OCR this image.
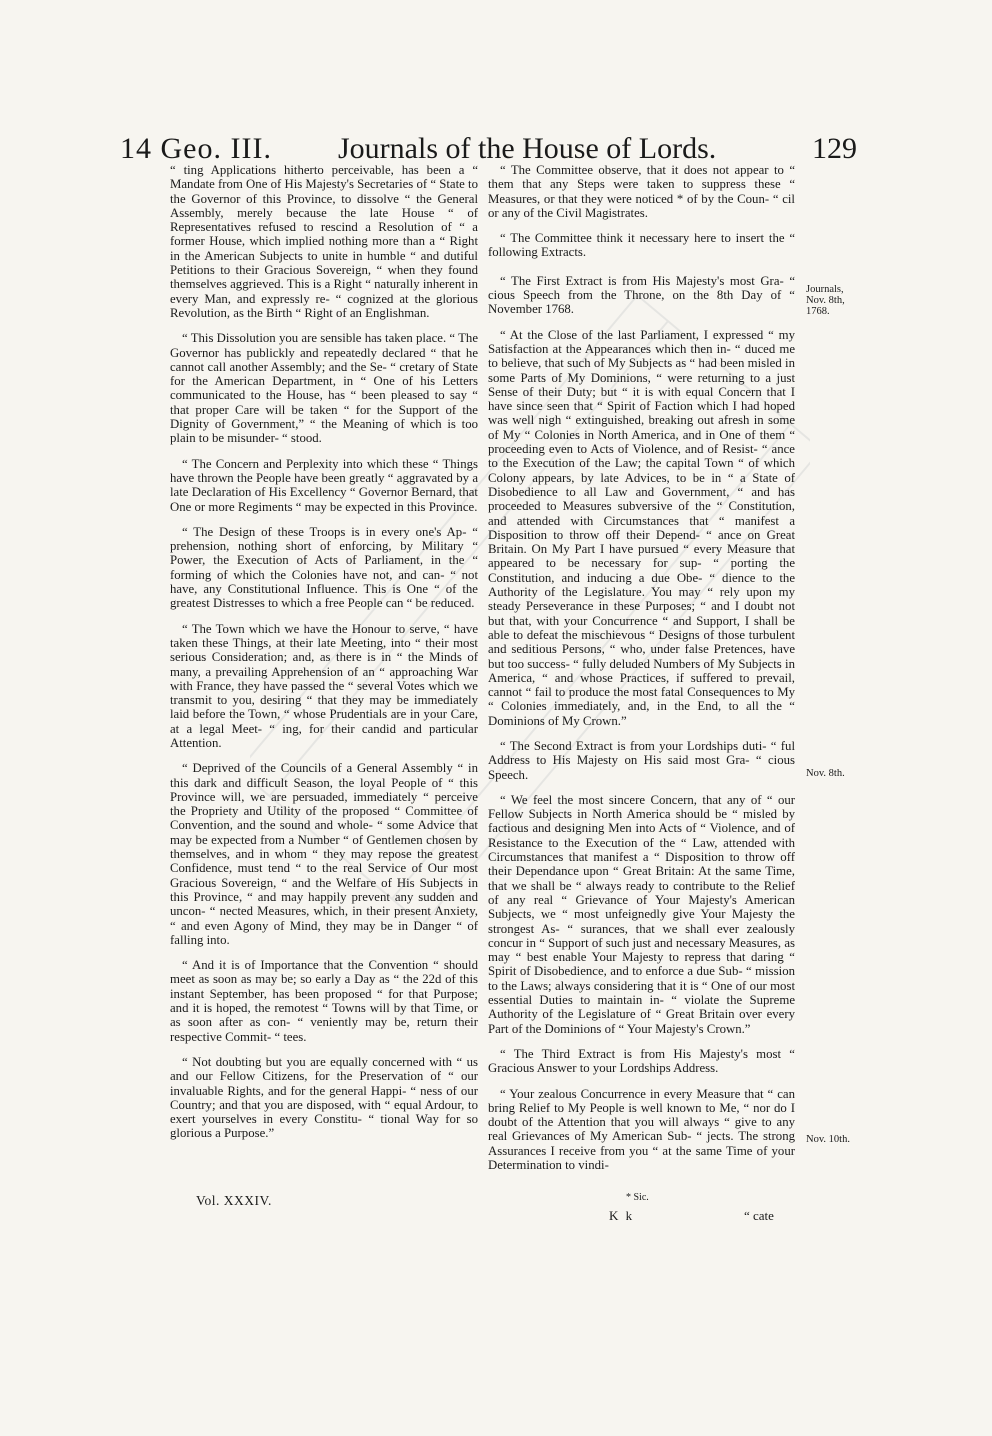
14 Geo. III. Journals of the House of Lords.	129

“ ting Applications hitherto perceivable, has been a “ Mandate from One of His Majesty's Secretaries of “ State to the Governor of this Province, to dissolve “ the General Assembly, merely because the late House “ of Representatives refused to rescind a Resolution of “ a former House, which implied nothing more than a “ Right in the American Subjects to unite in humble “ and dutiful Petitions to their Gracious Sovereign, “ when they found themselves aggrieved. This is a Right “ naturally inherent in every Man, and expressly re- “ cognized at the glorious Revolution, as the Birth “ Right of an Englishman.

“ This Dissolution you are sensible has taken place. “ The Governor has publickly and repeatedly declared “ that he cannot call another Assembly; and the Se- “ cretary of State for the American Department, in “ One of his Letters communicated to the House, has “ been pleased to say “ that proper Care will be taken “ for the Support of the Dignity of Government,” “ the Meaning of which is too plain to be misunder- “ stood.

“ The Concern and Perplexity into which these “ Things have thrown the People have been greatly “ aggravated by a late Declaration of His Excellency “ Governor Bernard, that One or more Regiments “ may be expected in this Province.

“ The Design of these Troops is in every one's Ap- “ prehension, nothing short of enforcing, by Military “ Power, the Execution of Acts of Parliament, in the “ forming of which the Colonies have not, and can- “ not have, any Constitutional Influence. This is One “ of the greatest Distresses to which a free People can “ be reduced.

“ The Town which we have the Honour to serve, “ have taken these Things, at their late Meeting, into “ their most serious Consideration; and, as there is in “ the Minds of many, a prevailing Apprehension of an “ approaching War with France, they have passed the “ several Votes which we transmit to you, desiring “ that they may be immediately laid before the Town, “ whose Prudentials are in your Care, at a legal Meet- “ ing, for their candid and particular Attention.

“ Deprived of the Councils of a General Assembly “ in this dark and difficult Season, the loyal People of “ this Province will, we are persuaded, immediately “ perceive the Propriety and Utility of the proposed “ Committee of Convention, and the sound and whole- “ some Advice that may be expected from a Number “ of Gentlemen chosen by themselves, and in whom “ they may repose the greatest Confidence, must tend “ to the real Service of Our most Gracious Sovereign, “ and the Welfare of His Subjects in this Province, “ and may happily prevent any sudden and uncon- “ nected Measures, which, in their present Anxiety, “ and even Agony of Mind, they may be in Danger “ of falling into.

“ And it is of Importance that the Convention “ should meet as soon as may be; so early a Day as “ the 22d of this instant September, has been proposed “ for that Purpose; and it is hoped, the remotest “ Towns will by that Time, or as soon after as con- “ veniently may be, return their respective Commit- “ tees.

“ Not doubting but you are equally concerned with “ us and our Fellow Citizens, for the Preservation of “ our invaluable Rights, and for the general Happi- “ ness of our Country; and that you are disposed, with “ equal Ardour, to exert yourselves in every Constitu- “ tional Way for so glorious a Purpose.”

“ The Committee observe, that it does not appear to “ them that any Steps were taken to suppress these “ Measures, or that they were noticed * of by the Coun- “ cil or any of the Civil Magistrates.

“ The Committee think it necessary here to insert the “ following Extracts.

“ The First Extract is from His Majesty's most Gra- “ cious Speech from the Throne, on the 8th Day of “ November 1768.

“ At the Close of the last Parliament, I expressed “ my Satisfaction at the Appearances which then in- “ duced me to believe, that such of My Subjects as “ had been misled in some Parts of My Dominions, “ were returning to a just Sense of their Duty; but “ it is with equal Concern that I have since seen that “ Spirit of Faction which I had hoped was well nigh “ extinguished, breaking out afresh in some of My “ Colonies in North America, and in One of them “ proceeding even to Acts of Violence, and of Resist- “ ance to the Execution of the Law; the capital Town “ of which Colony appears, by late Advices, to be in “ a State of Disobedience to all Law and Government, “ and has proceeded to Measures subversive of the “ Constitution, and attended with Circumstances that “ manifest a Disposition to throw off their Depend- “ ance on Great Britain. On My Part I have pursued “ every Measure that appeared to be necessary for sup- “ porting the Constitution, and inducing a due Obe- “ dience to the Authority of the Legislature. You may “ rely upon my steady Perseverance in these Purposes; “ and I doubt not but that, with your Concurrence “ and Support, I shall be able to defeat the mischievous “ Designs of those turbulent and seditious Persons, “ who, under false Pretences, have but too success- “ fully deluded Numbers of My Subjects in America, “ and whose Practices, if suffered to prevail, cannot “ fail to produce the most fatal Consequences to My “ Colonies immediately, and, in the End, to all the “ Dominions of My Crown.”

“ The Second Extract is from your Lordships duti- “ ful Address to His Majesty on His said most Gra- “ cious Speech.

“ We feel the most sincere Concern, that any of “ our Fellow Subjects in North America should be “ misled by factious and designing Men into Acts of “ Violence, and of Resistance to the Execution of the “ Law, attended with Circumstances that manifest a “ Disposition to throw off their Dependance upon “ Great Britain: At the same Time, that we shall be “ always ready to contribute to the Relief of any real “ Grievance of Your Majesty's American Subjects, we “ most unfeignedly give Your Majesty the strongest As- “ surances, that we shall ever zealously concur in “ Support of such just and necessary Measures, as may “ best enable Your Majesty to repress that daring “ Spirit of Disobedience, and to enforce a due Sub- “ mission to the Laws; always considering that it is “ One of our most essential Duties to maintain in- “ violate the Supreme Authority of the Legislature of “ Great Britain over every Part of the Dominions of “ Your Majesty's Crown.”

“ The Third Extract is from His Majesty's most “ Gracious Answer to your Lordships Address.

“ Your zealous Concurrence in every Measure that “ can bring Relief to My People is well known to Me, “ nor do I doubt of the Attention that you will always “ give to any real Grievances of My American Sub- “ jects. The strong Assurances I receive from you “ at the same Time of your Determination to vindi-

Journals, Nov. 8th, 1768.
Nov. 8th.
Nov. 10th.
Vol. XXXIV.	* Sic.
K k	“ cate
